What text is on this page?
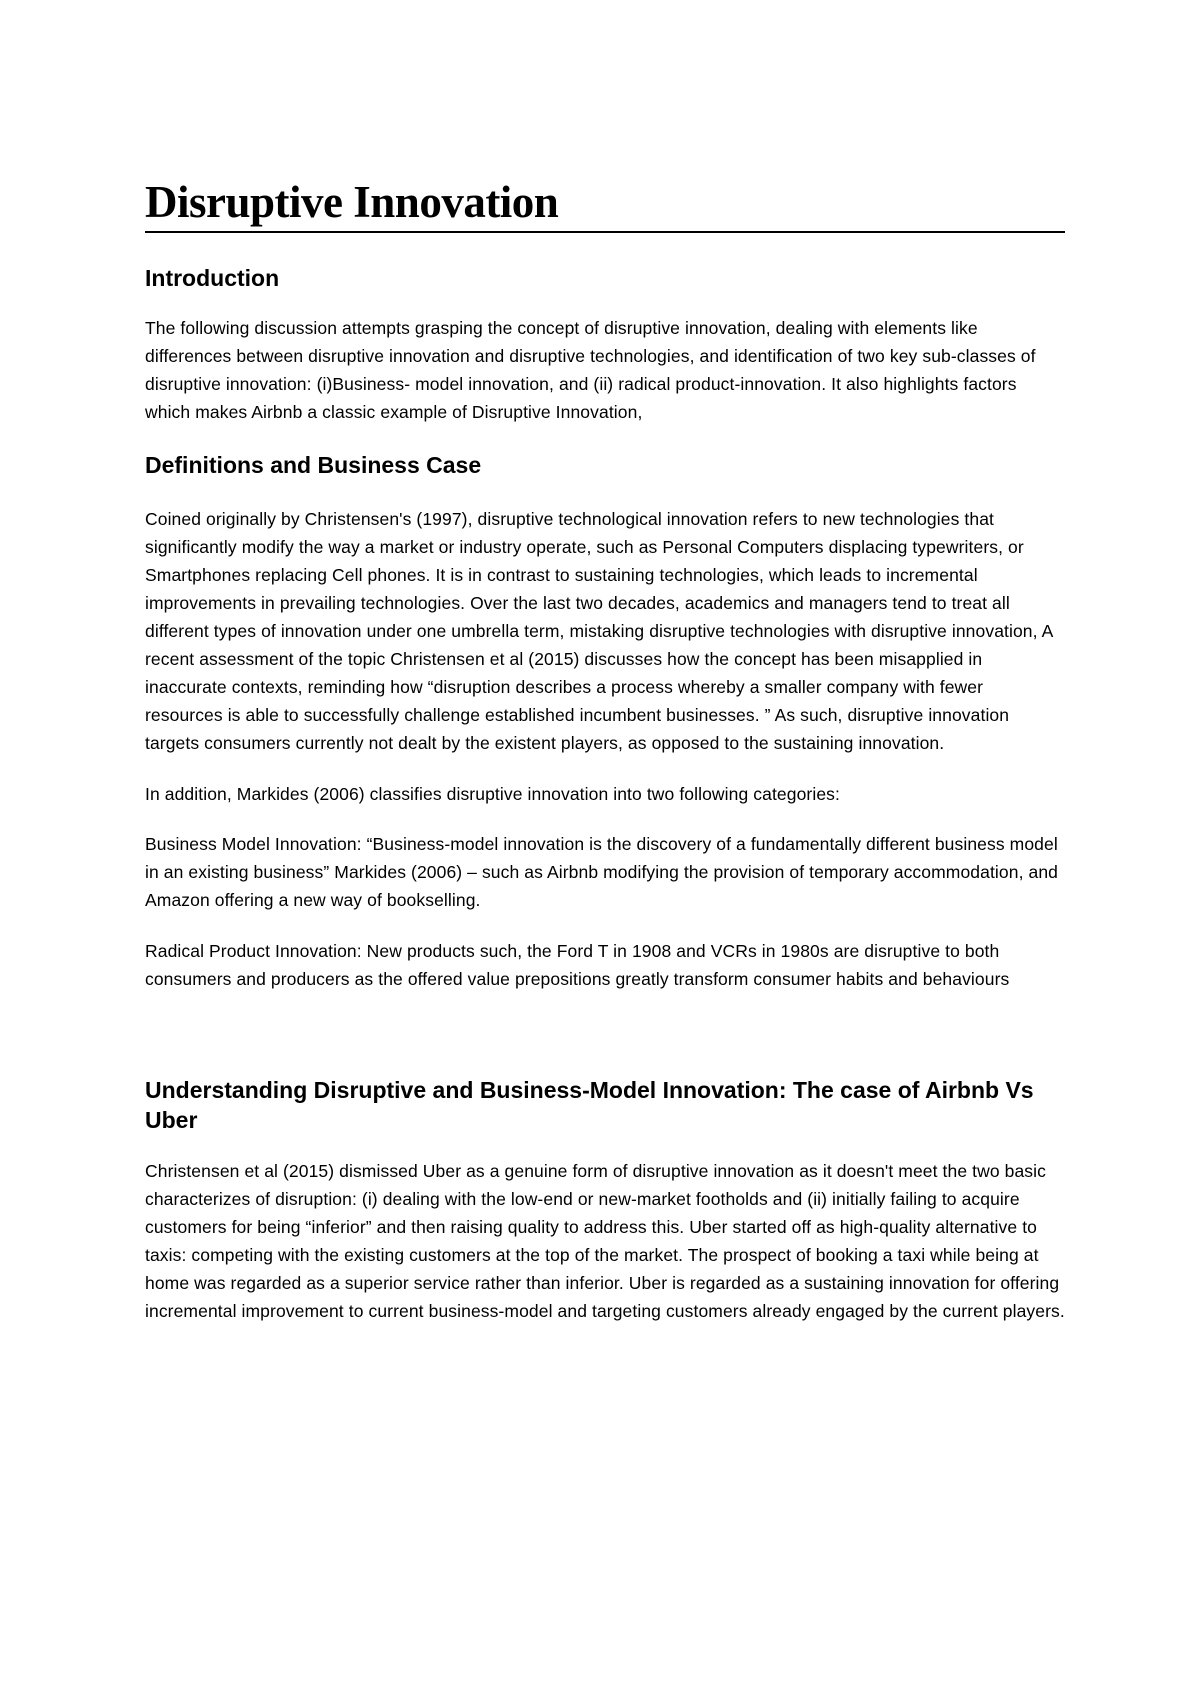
Disruptive Innovation
Introduction

The following discussion attempts grasping the concept of disruptive innovation, dealing with elements like differences between disruptive innovation and disruptive technologies, and identification of two key sub-classes of disruptive innovation: (i)Business- model innovation, and (ii) radical product-innovation. It also highlights factors which makes Airbnb a classic example of Disruptive Innovation,

Definitions and Business Case

Coined originally by Christensen's (1997), disruptive technological innovation refers to new technologies that significantly modify the way a market or industry operate, such as Personal Computers displacing typewriters, or Smartphones replacing Cell phones. It is in contrast to sustaining technologies, which leads to incremental improvements in prevailing technologies. Over the last two decades, academics and managers tend to treat all different types of innovation under one umbrella term, mistaking disruptive technologies with disruptive innovation, A recent assessment of the topic Christensen et al (2015) discusses how the concept has been misapplied in inaccurate contexts, reminding how “disruption describes a process whereby a smaller company with fewer resources is able to successfully challenge established incumbent businesses. ” As such, disruptive innovation targets consumers currently not dealt by the existent players, as opposed to the sustaining innovation.

In addition, Markides (2006) classifies disruptive innovation into two following categories:

Business Model Innovation: “Business-model innovation is the discovery of a fundamentally different business model in an existing business” Markides (2006) – such as Airbnb modifying the provision of temporary accommodation, and Amazon offering a new way of bookselling.

Radical Product Innovation: New products such, the Ford T in 1908 and VCRs in 1980s are disruptive to both consumers and producers as the offered value prepositions greatly transform consumer habits and behaviours

Understanding Disruptive and Business-Model Innovation: The case of Airbnb Vs Uber

Christensen et al (2015) dismissed Uber as a genuine form of disruptive innovation as it doesn't meet the two basic characterizes of disruption: (i) dealing with the low-end or new-market footholds and (ii) initially failing to acquire customers for being “inferior” and then raising quality to address this. Uber started off as high-quality alternative to taxis: competing with the existing customers at the top of the market. The prospect of booking a taxi while being at home was regarded as a superior service rather than inferior. Uber is regarded as a sustaining innovation for offering incremental improvement to current business-model and targeting customers already engaged by the current players.
